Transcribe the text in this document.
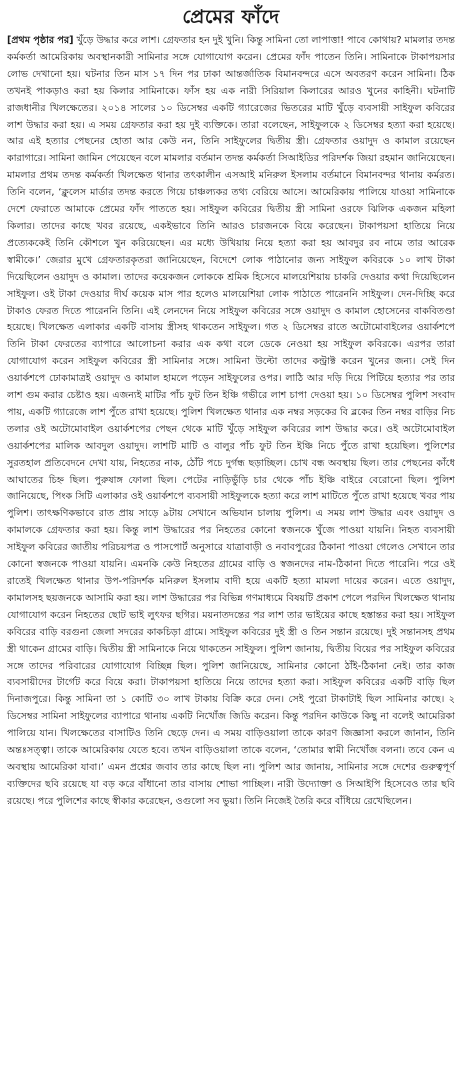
প্রেমের ফাঁদে

[প্রথম পৃষ্ঠার পর] খুঁড়ে উদ্ধার করে লাশ। গ্রেফতার হন দুই খুনি। কিন্তু সামিনা তো লাপাত্তা! পাবে কোথায়? মামলার তদন্ত কর্মকর্তা আমেরিকায় অবস্থানকারী সামিনার সঙ্গে যোগাযোগ করেন। প্রেমের ফাঁদ পাতেন তিনি। সামিনাকে টাকাপয়সার লোভ দেখানো হয়। ঘটনার তিন মাস ১৭ দিন পর ঢাকা আন্তর্জাতিক বিমানবন্দরে এসে অবতরণ করেন সামিনা। ঠিক তখনই পাকড়াও করা হয় কিলার সামিনাকে। ফাঁস হয় এক নারী সিরিয়াল কিলারের আরও খুনের কাহিনী। ঘটনাটি রাজধানীর খিলক্ষেতের। ২০১৪ সালের ১০ ডিসেম্বর একটি গ্যারেজের ভিতরের মাটি খুঁড়ে ব্যবসায়ী সাইফুল কবিরের লাশ উদ্ধার করা হয়। এ সময় গ্রেফতার করা হয় দুই ব্যক্তিকে। তারা বলেছেন, সাইফুলকে ২ ডিসেম্বর হত্যা করা হয়েছে। আর এই হত্যার পেছনের হোতা আর কেউ নন, তিনি সাইফুলের দ্বিতীয় স্ত্রী। গ্রেফতার ওয়াদুদ ও কামাল রয়েছেন কারাগারে। সামিনা জামিন পেয়েছেন বলে মামলার বর্তমান তদন্ত কর্মকর্তা সিআইডির পরিদর্শক জিয়া রহমান জানিয়েছেন। মামলার প্রথম তদন্ত কর্মকর্তা খিলক্ষেত থানার তৎকালীন এসআই মনিরুল ইসলাম বর্তমানে বিমানবন্দর থানায় কর্মরত। তিনি বলেন, ‘ক্লুলেস মার্ডার তদন্ত করতে গিয়ে চাঞ্চল্যকর তথ্য বেরিয়ে আসে। আমেরিকায় পালিয়ে যাওয়া সামিনাকে দেশে ফেরাতে আমাকে প্রেমের ফাঁদ পাততে হয়। সাইফুল কবিরের দ্বিতীয় স্ত্রী সামিনা ওরফে ঝিলিক একজন মহিলা কিলার। তাদের কাছে খবর রয়েছে, একইভাবে তিনি আরও চারজনকে বিয়ে করেছেন। টাকাপয়সা হাতিয়ে নিয়ে প্রত্যেককেই তিনি কৌশলে খুন করিয়েছেন। এর মধ্যে উখিয়ায় নিয়ে হত্যা করা হয় আবদুর রব নামে তার আরেক স্বামীকে।’ জেরার মুখে গ্রেফতারকৃতরা জানিয়েছেন, বিদেশে লোক পাঠানোর জন্য সাইফুল কবিরকে ১০ লাখ টাকা দিয়েছিলেন ওয়াদুদ ও কামাল। তাদের কয়েকজন লোককে শ্রমিক হিসেবে মালয়েশিয়ায় চাকরি দেওয়ার কথা দিয়েছিলেন সাইফুল। ওই টাকা দেওয়ার দীর্ঘ কয়েক মাস পার হলেও মালয়েশিয়া লোক পাঠাতে পারেননি সাইফুল। দেন-দিচ্ছি করে টাকাও ফেরত দিতে পারেননি তিনি। এই লেনদেন নিয়ে সাইফুল কবিরের সঙ্গে ওয়াদুদ ও কামাল হোসেনের বাকবিতণ্ডা হয়েছে। খিলক্ষেত এলাকার একটি বাসায় স্ত্রীসহ থাকতেন সাইফুল। গত ২ ডিসেম্বর রাতে অটোমোবাইলের ওয়ার্কশপে তিনি টাকা ফেরতের ব্যাপারে আলোচনা করার এক কথা বলে ডেকে নেওয়া হয় সাইফুল কবিরকে। এরপর তারা যোগাযোগ করেন সাইফুল কবিরের স্ত্রী সামিনার সঙ্গে। সামিনা উল্টো তাদের কন্ট্রাক্ট করেন খুনের জন্য। সেই দিন ওয়ার্কশপে ঢোকামাত্রই ওয়াদুদ ও কামাল হামলে পড়েন সাইফুলের ওপর। লাঠি আর দড়ি দিয়ে পিটিয়ে হত্যার পর তার লাশ গুম করার চেষ্টাও হয়। এজন্যই মাটির পাঁচ ফুট তিন ইঞ্চি গভীরে লাশ চাপা দেওয়া হয়। ১০ ডিসেম্বর পুলিশ সংবাদ পায়, একটি গ্যারেজে লাশ পুঁতে রাখা হয়েছে। পুলিশ খিলক্ষেত থানার এক নম্বর সড়কের বি ব্লকের তিন নম্বর বাড়ির নিচ তলার ওই অটোমোবাইল ওয়ার্কশপের পেছন থেকে মাটি খুঁড়ে সাইফুল কবিরের লাশ উদ্ধার করে। ওই অটোমোবাইল ওয়ার্কশপের মালিক আবদুল ওয়াদুদ। লাশটি মাটি ও বালুর পাঁচ ফুট তিন ইঞ্চি নিচে পুঁতে রাখা হয়েছিল। পুলিশের সুরতহাল প্রতিবেদনে দেখা যায়, নিহতের নাক, ঠোঁট পচে দুর্গন্ধ ছড়াচ্ছিল। চোখ বন্ধ অবস্থায় ছিল। তার পেছনের কাঁধে আঘাতের চিহ্ন ছিল। পুরুষাঙ্গ ফোলা ছিল। পেটের নাড়িভুঁড়ি চার থেকে পাঁচ ইঞ্চি বাইরে বেরোনো ছিল। পুলিশ জানিয়েছে, পিংক সিটি এলাকার ওই ওয়ার্কশপে ব্যবসায়ী সাইফুলকে হত্যা করে লাশ মাটিতে পুঁতে রাখা হয়েছে খবর পায় পুলিশ। তাৎক্ষণিকভাবে রাত প্রায় সাড়ে ৯টায় সেখানে অভিযান চালায় পুলিশ। এ সময় লাশ উদ্ধার এবং ওয়াদুদ ও কামালকে গ্রেফতার করা হয়। কিন্তু লাশ উদ্ধারের পর নিহতের কোনো স্বজনকে খুঁজে পাওয়া যায়নি। নিহত ব্যবসায়ী সাইফুল কবিরের জাতীয় পরিচয়পত্র ও পাসপোর্ট অনুসারে যাত্রাবাড়ী ও নবাবপুরের ঠিকানা পাওয়া গেলেও সেখানে তার কোনো স্বজনকে পাওয়া যায়নি। এমনকি কেউ নিহতের গ্রামের বাড়ি ও স্বজনদের নাম-ঠিকানা দিতে পারেনি। পরে ওই রাতেই খিলক্ষেত থানার উপ-পরিদর্শক মনিরুল ইসলাম বাদী হয়ে একটি হত্যা মামলা দায়ের করেন। এতে ওয়াদুদ, কামালসহ ছয়জনকে আসামি করা হয়। লাশ উদ্ধারের পর বিভিন্ন গণমাধ্যমে বিষয়টি প্রকাশ পেলে পরদিন খিলক্ষেত থানায় যোগাযোগ করেন নিহতের ছোট ভাই লুৎফর ছগির। ময়নাতদন্তের পর লাশ তার ভাইয়ের কাছে হস্তান্তর করা হয়। সাইফুল কবিরের বাড়ি বরগুনা জেলা সদরের কাকচিড়া গ্রামে। সাইফুল কবিরের দুই স্ত্রী ও তিন সন্তান রয়েছে। দুই সন্তানসহ প্রথম স্ত্রী থাকেন গ্রামের বাড়ি। দ্বিতীয় স্ত্রী সামিনাকে নিয়ে থাকতেন সাইফুল। পুলিশ জানায়, দ্বিতীয় বিয়ের পর সাইফুল কবিরের সঙ্গে তাদের পরিবারের যোগাযোগ বিচ্ছিন্ন ছিল। পুলিশ জানিয়েছে, সামিনার কোনো ঠাঁই-ঠিকানা নেই। তার কাজ ব্যবসায়ীদের টার্গেট করে বিয়ে করা। টাকাপয়সা হাতিয়ে নিয়ে তাদের হত্যা করা। সাইফুল কবিরের একটি বাড়ি ছিল দিনাজপুরে। কিন্তু সামিনা তা ১ কোটি ৩০ লাখ টাকায় বিক্রি করে দেন। সেই পুরো টাকাটাই ছিল সামিনার কাছে। ২ ডিসেম্বর সামিনা সাইফুলের ব্যাপারে থানায় একটি নিখোঁজ জিডি করেন। কিন্তু পরদিন কাউকে কিছু না বলেই আমেরিকা পালিয়ে যান। খিলক্ষেতের বাসাটিও তিনি ছেড়ে দেন। এ সময় বাড়িওয়ালা তাকে কারণ জিজ্ঞাসা করলে জানান, তিনি অন্তঃসত্ত্বা। তাকে আমেরিকায় যেতে হবে। তখন বাড়িওয়ালা তাকে বলেন, ‘তোমার স্বামী নিখোঁজ বলনা। তবে কেন এ অবস্থায় আমেরিকা যাবা।’ এমন প্রশ্নের জবাব তার কাছে ছিল না। পুলিশ আর জানায়, সামিনার সঙ্গে দেশের গুরুত্বপূর্ণ ব্যক্তিদের ছবি রয়েছে যা বড় করে বাঁধানো তার বাসায় শোভা পাচ্ছিল। নারী উদ্যোক্তা ও সিআইপি হিসেবেও তার ছবি রয়েছে। পরে পুলিশের কাছে স্বীকার করেছেন, ওগুলো সব ভুয়া। তিনি নিজেই তৈরি করে বাঁধিয়ে রেখেছিলেন।
